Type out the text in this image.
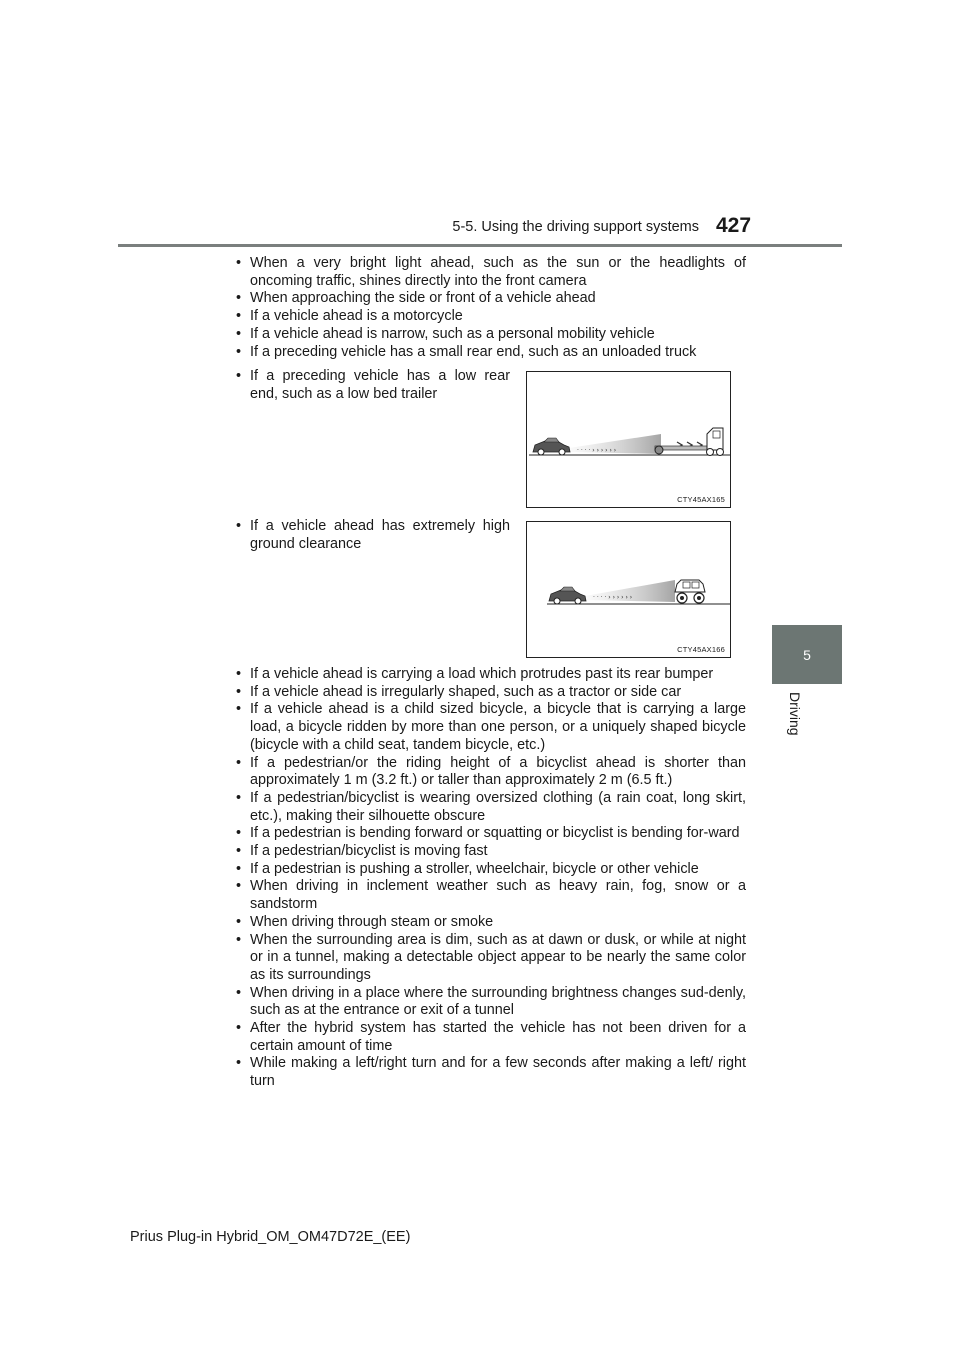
5-5. Using the driving support systems 427
5
Driving
• When a very bright light ahead, such as the sun or the headlights of oncoming traffic, shines directly into the front camera
• When approaching the side or front of a vehicle ahead
• If a vehicle ahead is a motorcycle
• If a vehicle ahead is narrow, such as a personal mobility vehicle
• If a preceding vehicle has a small rear end, such as an unloaded truck
• If a preceding vehicle has a low rear end, such as a low bed trailer
· · · · › › › › › ›
CTY45AX165
• If a vehicle ahead has extremely high ground clearance
· · · · › › › › › ›
CTY45AX166
• If a vehicle ahead is carrying a load which protrudes past its rear bumper
• If a vehicle ahead is irregularly shaped, such as a tractor or side car
• If a vehicle ahead is a child sized bicycle, a bicycle that is carrying a large load, a bicycle ridden by more than one person, or a uniquely shaped bicycle (bicycle with a child seat, tandem bicycle, etc.)
• If a pedestrian/or the riding height of a bicyclist ahead is shorter than approximately 1 m (3.2 ft.) or taller than approximately 2 m (6.5 ft.)
• If a pedestrian/bicyclist is wearing oversized clothing (a rain coat, long skirt, etc.), making their silhouette obscure
• If a pedestrian is bending forward or squatting or bicyclist is bending for-ward
• If a pedestrian/bicyclist is moving fast
• If a pedestrian is pushing a stroller, wheelchair, bicycle or other vehicle
• When driving in inclement weather such as heavy rain, fog, snow or a sandstorm
• When driving through steam or smoke
• When the surrounding area is dim, such as at dawn or dusk, or while at night or in a tunnel, making a detectable object appear to be nearly the same color as its surroundings
• When driving in a place where the surrounding brightness changes sud-denly, such as at the entrance or exit of a tunnel
• After the hybrid system has started the vehicle has not been driven for a certain amount of time
• While making a left/right turn and for a few seconds after making a left/ right turn
Prius Plug-in Hybrid_OM_OM47D72E_(EE)
